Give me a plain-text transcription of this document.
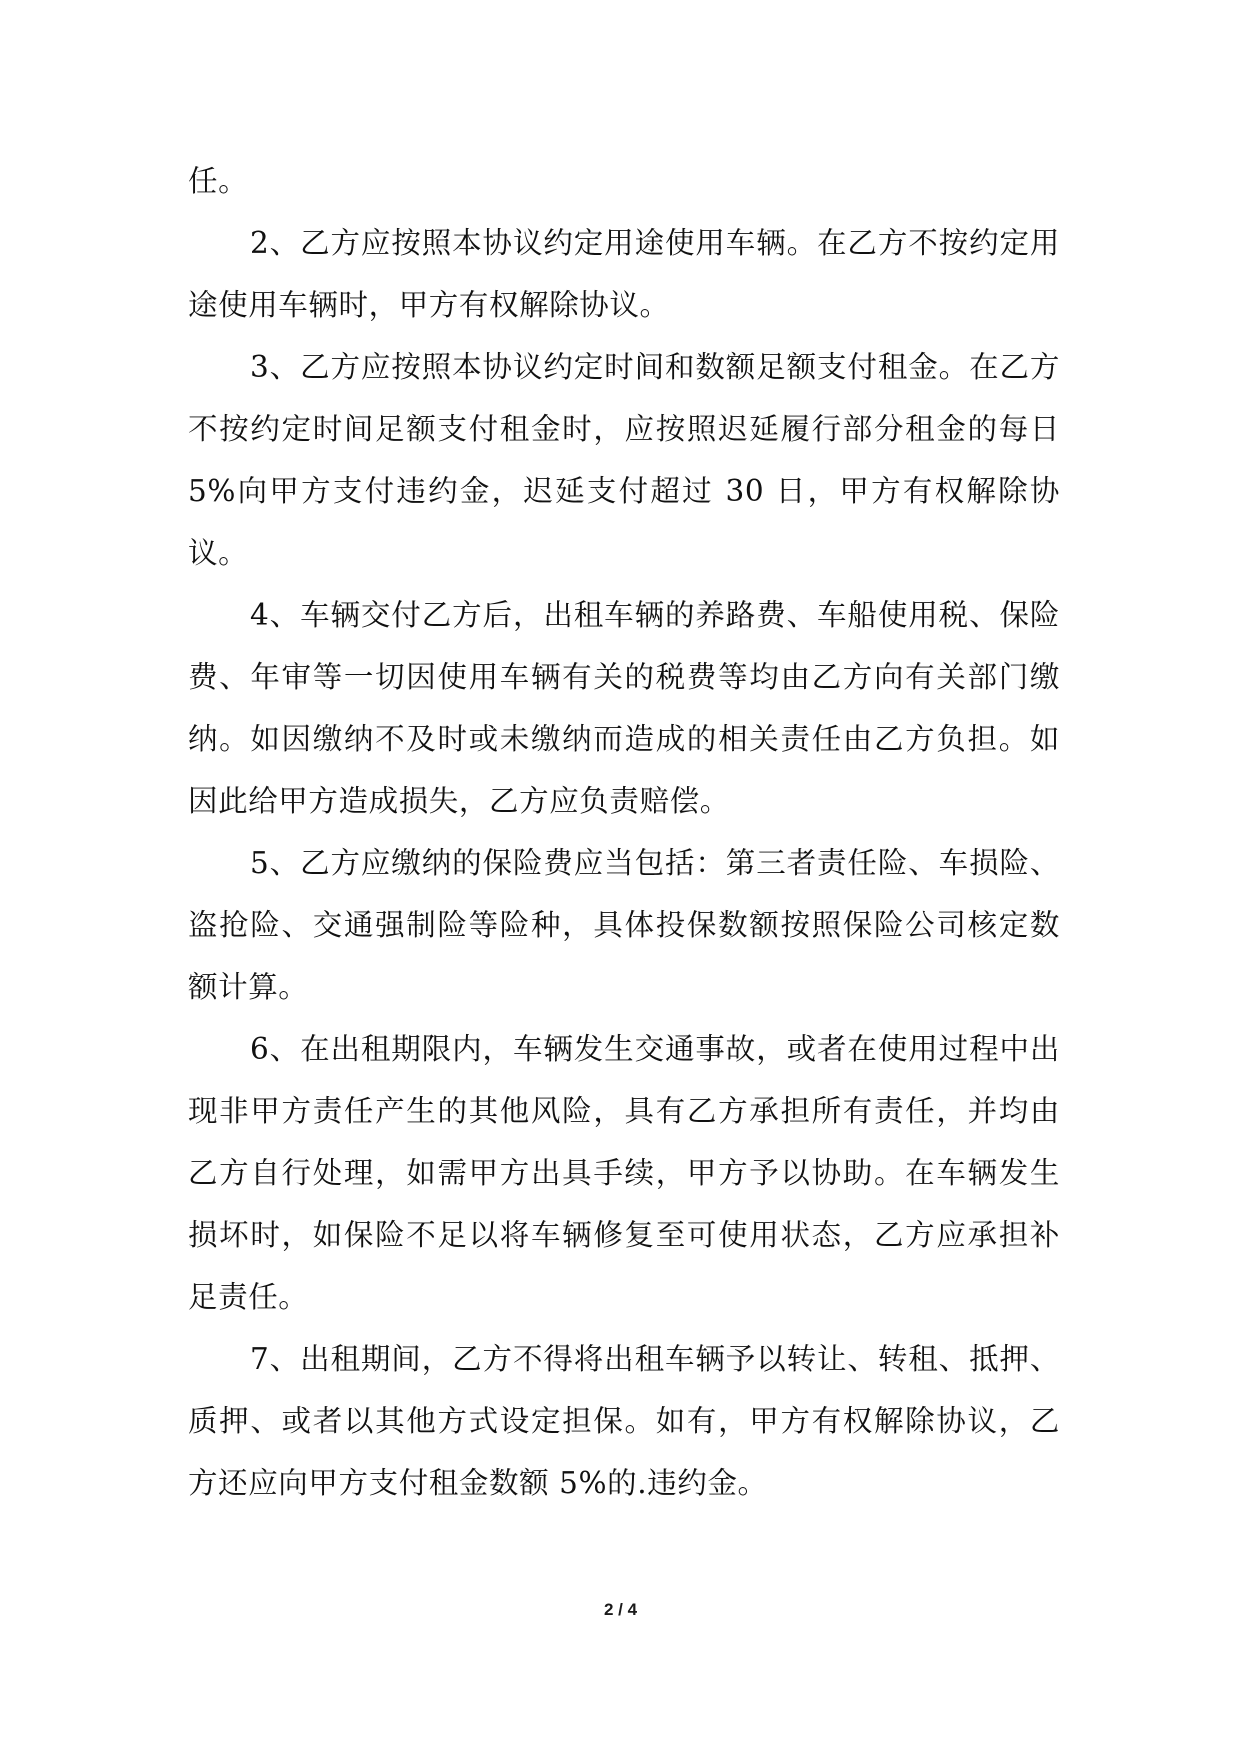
任。

2、乙方应按照本协议约定用途使用车辆。在乙方不按约定用途使用车辆时，甲方有权解除协议。

3、乙方应按照本协议约定时间和数额足额支付租金。在乙方不按约定时间足额支付租金时，应按照迟延履行部分租金的每日 5%向甲方支付违约金，迟延支付超过 30 日，甲方有权解除协议。

4、车辆交付乙方后，出租车辆的养路费、车船使用税、保险费、年审等一切因使用车辆有关的税费等均由乙方向有关部门缴纳。如因缴纳不及时或未缴纳而造成的相关责任由乙方负担。如因此给甲方造成损失，乙方应负责赔偿。

5、乙方应缴纳的保险费应当包括：第三者责任险、车损险、盗抢险、交通强制险等险种，具体投保数额按照保险公司核定数额计算。

6、在出租期限内，车辆发生交通事故，或者在使用过程中出现非甲方责任产生的其他风险，具有乙方承担所有责任，并均由乙方自行处理，如需甲方出具手续，甲方予以协助。在车辆发生损坏时，如保险不足以将车辆修复至可使用状态，乙方应承担补足责任。

7、出租期间，乙方不得将出租车辆予以转让、转租、抵押、质押、或者以其他方式设定担保。如有，甲方有权解除协议，乙方还应向甲方支付租金数额 5%的.违约金。

2 / 4
